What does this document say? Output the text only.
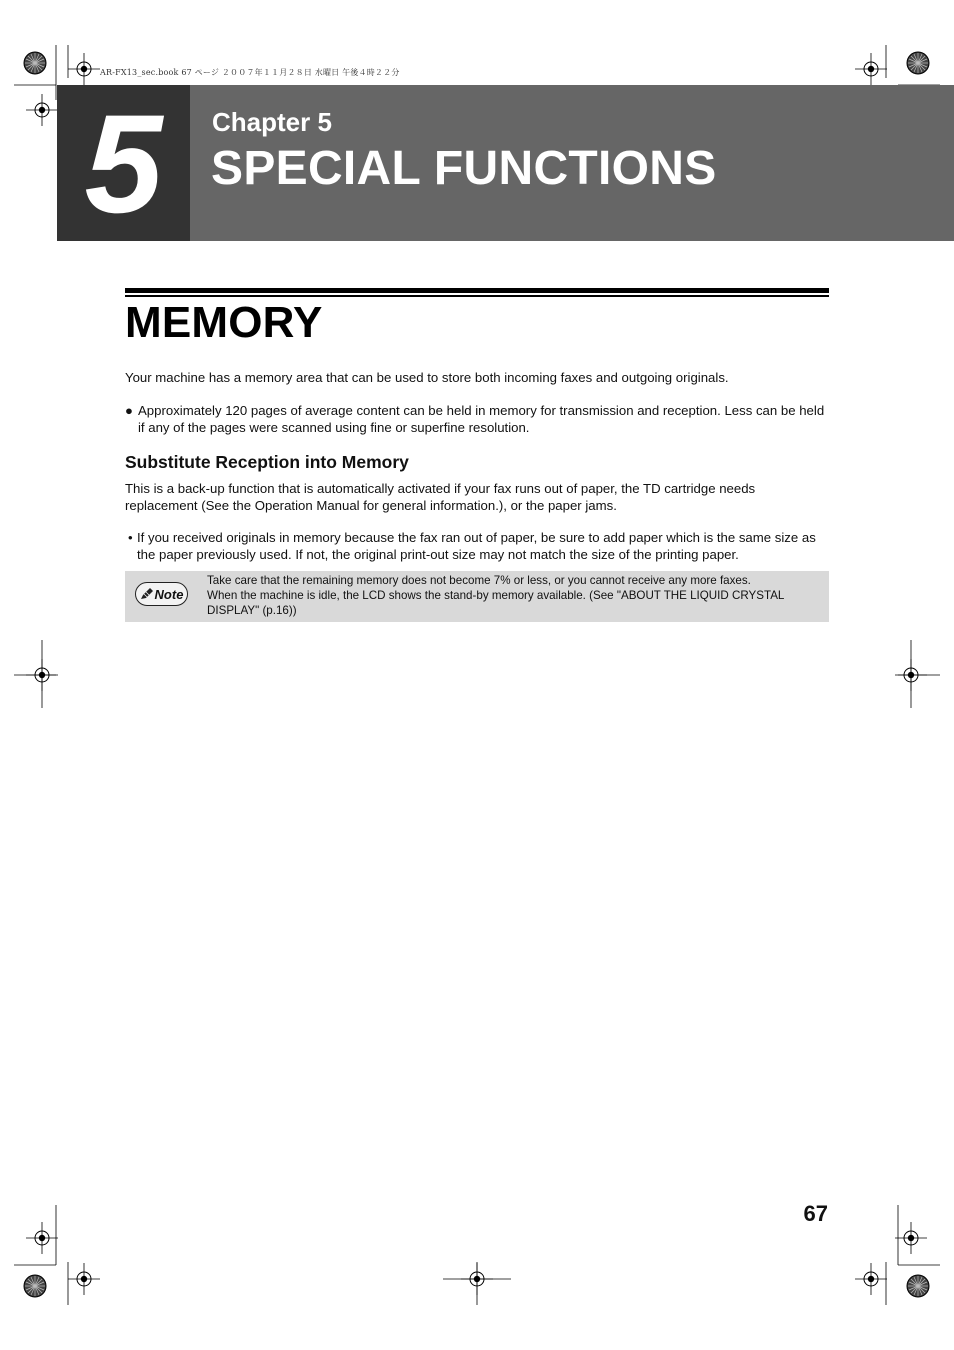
AR-FX13_sec.book 67 ページ ２００７年１１月２８日 水曜日 午後４時２２分
5	Chapter 5
SPECIAL FUNCTIONS
MEMORY
Your machine has a memory area that can be used to store both incoming faxes and outgoing originals.
● Approximately 120 pages of average content can be held in memory for transmission and reception. Less can be held if any of the pages were scanned using fine or superfine resolution.
Substitute Reception into Memory
This is a back-up function that is automatically activated if your fax runs out of paper, the TD cartridge needs replacement (See the Operation Manual for general information.), or the paper jams.
• If you received originals in memory because the fax ran out of paper, be sure to add paper which is the same size as the paper previously used. If not, the original print-out size may not match the size of the printing paper.
Note
Take care that the remaining memory does not become 7% or less, or you cannot receive any more faxes.
When the machine is idle, the LCD shows the stand-by memory available. (See "ABOUT THE LIQUID CRYSTAL DISPLAY" (p.16))
67
